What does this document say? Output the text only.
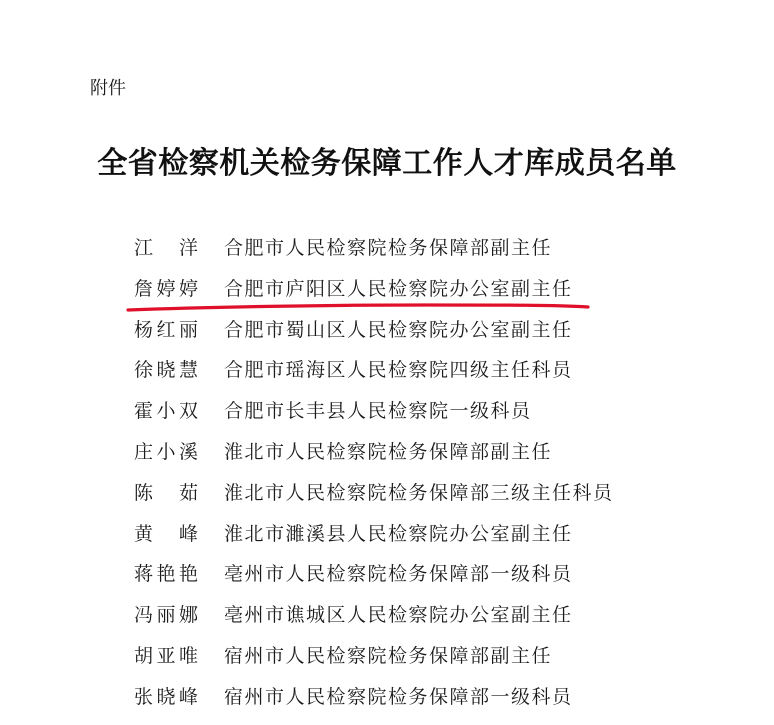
附件
全省检察机关检务保障工作人才库成员名单
江洋 合肥市人民检察院检务保障部副主任
詹婷婷 合肥市庐阳区人民检察院办公室副主任
杨红丽 合肥市蜀山区人民检察院办公室副主任
徐晓慧 合肥市瑶海区人民检察院四级主任科员
霍小双 合肥市长丰县人民检察院一级科员
庄小溪 淮北市人民检察院检务保障部副主任
陈茹 淮北市人民检察院检务保障部三级主任科员
黄峰 淮北市濉溪县人民检察院办公室副主任
蒋艳艳 亳州市人民检察院检务保障部一级科员
冯丽娜 亳州市谯城区人民检察院办公室副主任
胡亚唯 宿州市人民检察院检务保障部副主任
张晓峰 宿州市人民检察院检务保障部一级科员
